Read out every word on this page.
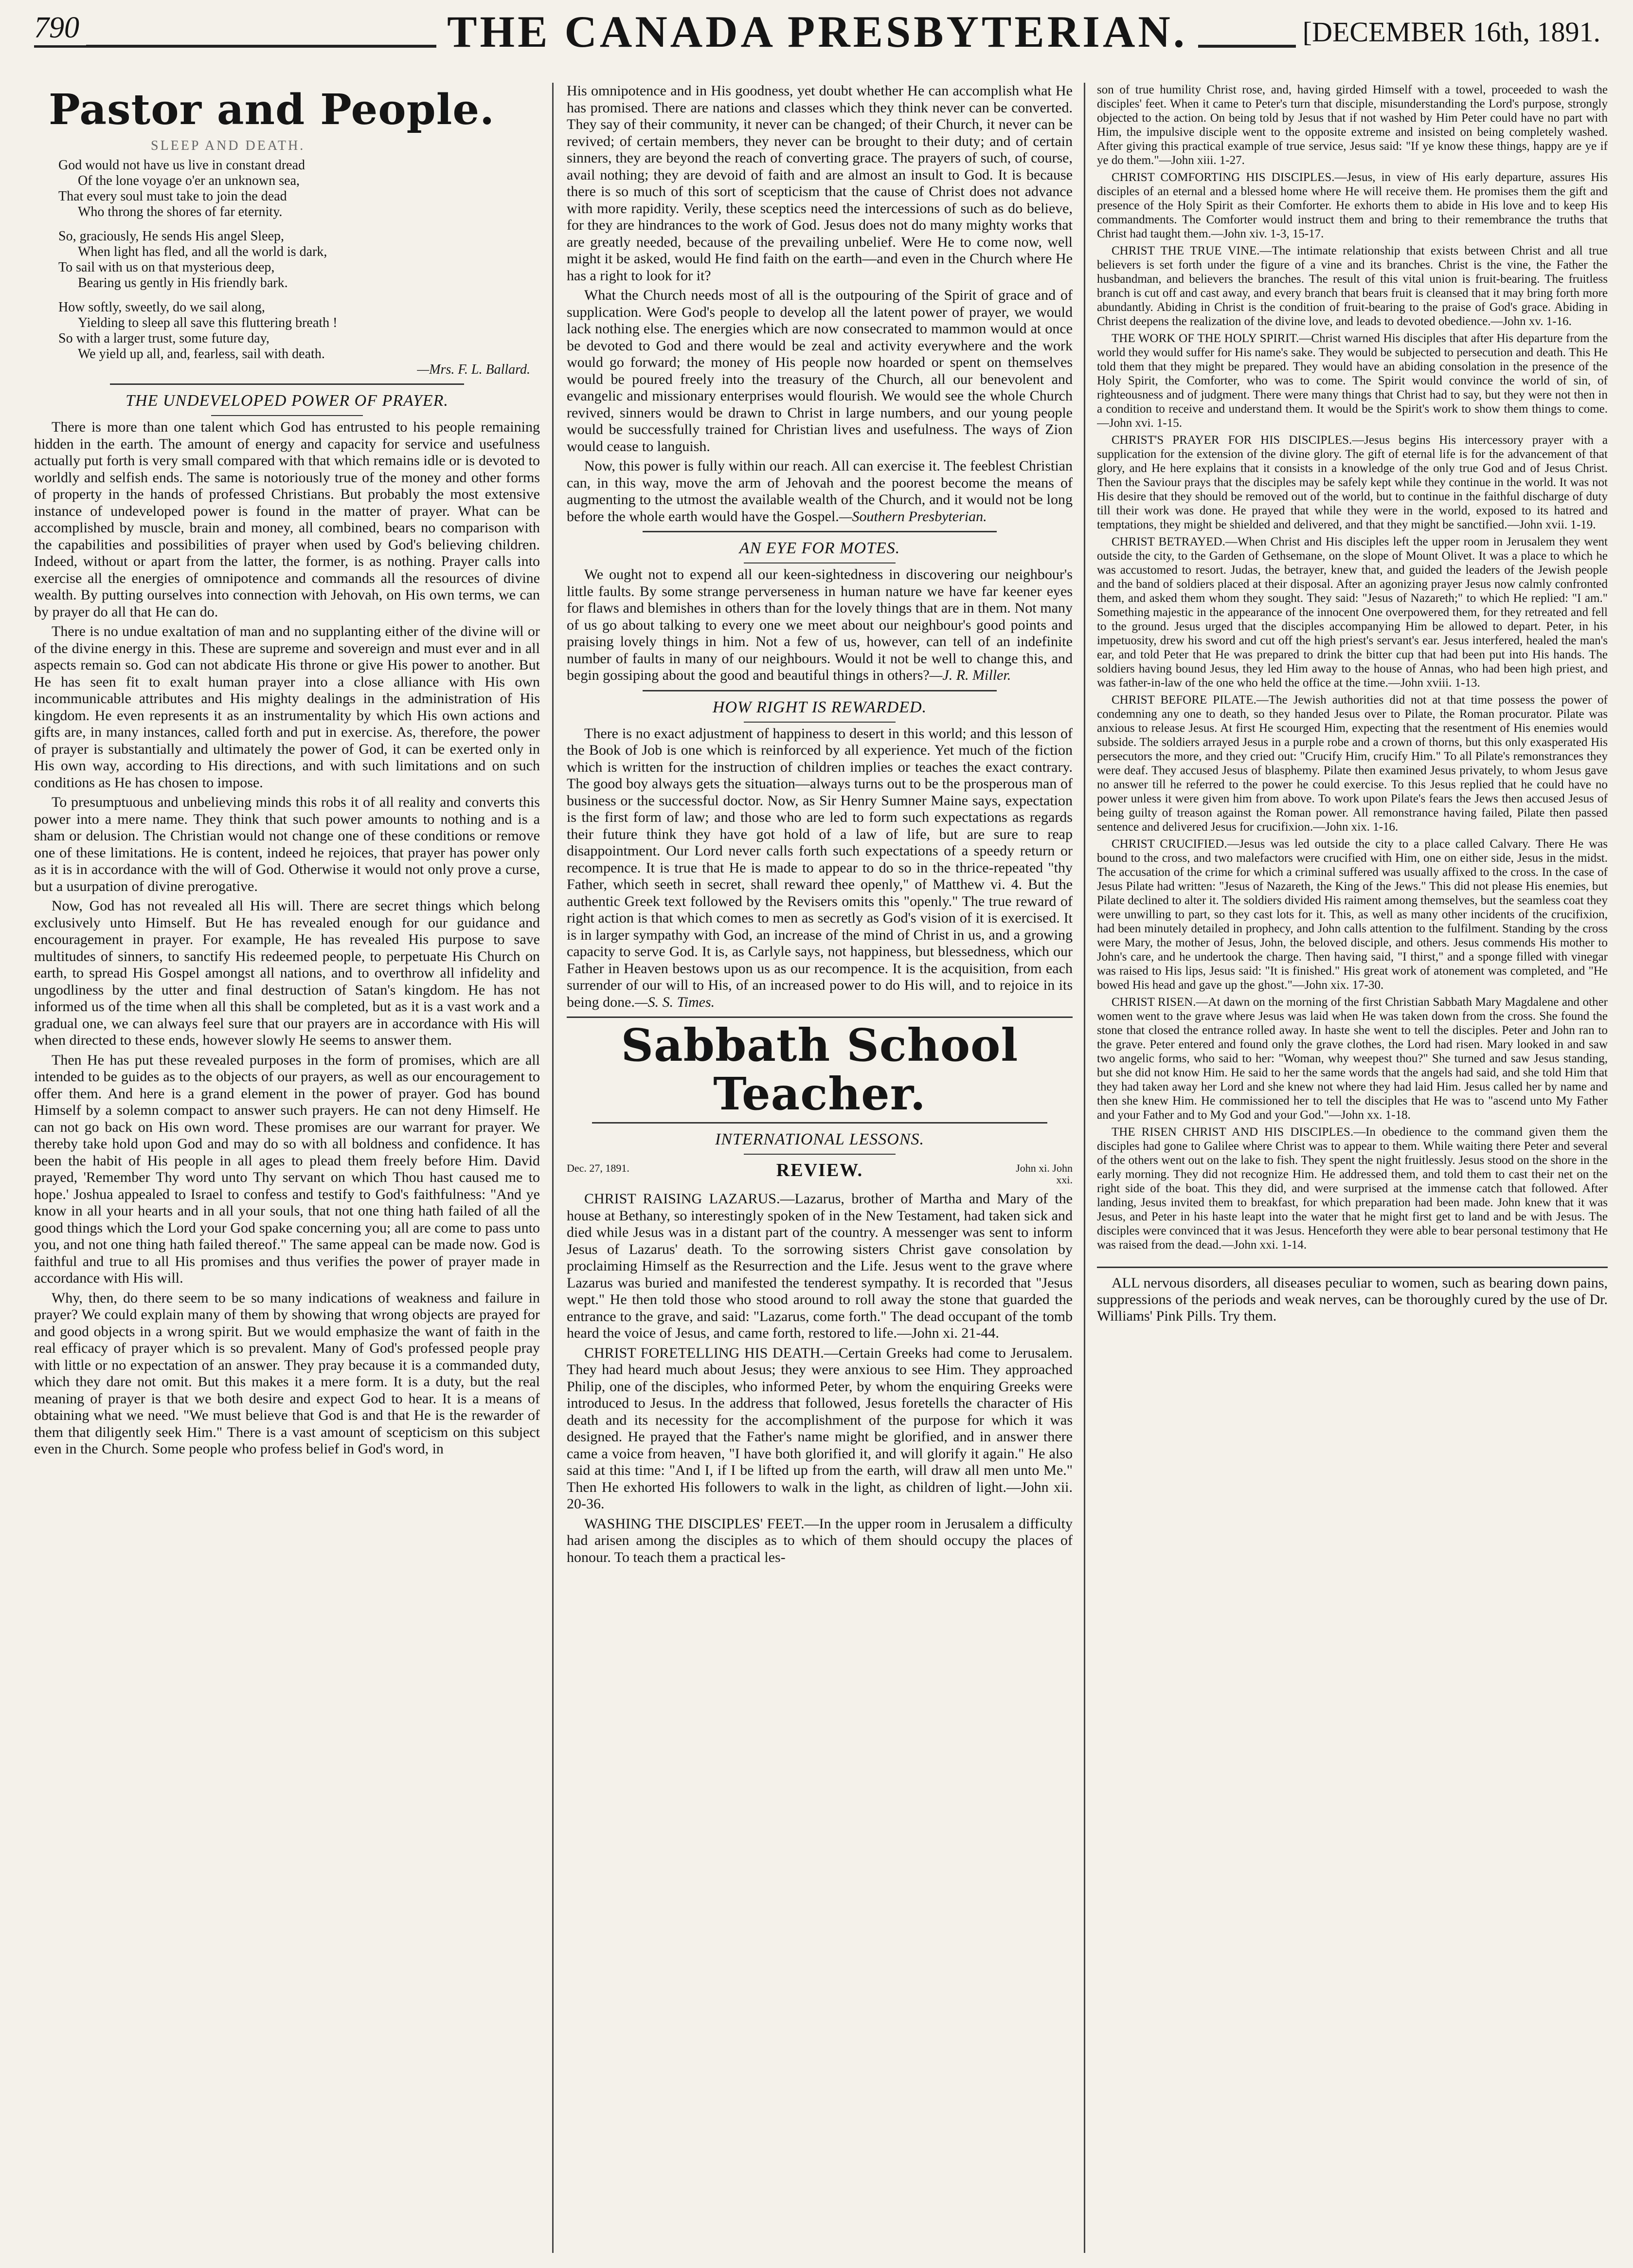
790	THE CANADA PRESBYTERIAN.	[DECEMBER 16th, 1891.
Pastor and People.
SLEEP AND DEATH.
God would not have us live in constant dread
Of the lone voyage o'er an unknown sea,
That every soul must take to join the dead
Who throng the shores of far eternity.
So, graciously, He sends His angel Sleep,
When light has fled, and all the world is dark,
To sail with us on that mysterious deep,
Bearing us gently in His friendly bark.
How softly, sweetly, do we sail along,
Yielding to sleep all save this fluttering breath !
So with a larger trust, some future day,
We yield up all, and, fearless, sail with death.
—Mrs. F. L. Ballard.
THE UNDEVELOPED POWER OF PRAYER.

There is more than one talent which God has entrusted to his people remaining hidden in the earth. The amount of energy and capacity for service and usefulness actually put forth is very small compared with that which remains idle or is devoted to worldly and selfish ends. The same is notoriously true of the money and other forms of property in the hands of professed Christians. But probably the most extensive instance of undeveloped power is found in the matter of prayer. What can be accomplished by muscle, brain and money, all combined, bears no comparison with the capabilities and possibilities of prayer when used by God's believing children. Indeed, without or apart from the latter, the former, is as nothing. Prayer calls into exercise all the energies of omnipotence and commands all the resources of divine wealth. By putting ourselves into connection with Jehovah, on His own terms, we can by prayer do all that He can do.

There is no undue exaltation of man and no supplanting either of the divine will or of the divine energy in this. These are supreme and sovereign and must ever and in all aspects remain so. God can not abdicate His throne or give His power to another. But He has seen fit to exalt human prayer into a close alliance with His own incommunicable attributes and His mighty dealings in the administration of His kingdom. He even represents it as an instrumentality by which His own actions and gifts are, in many instances, called forth and put in exercise. As, therefore, the power of prayer is substantially and ultimately the power of God, it can be exerted only in His own way, according to His directions, and with such limitations and on such conditions as He has chosen to impose.

To presumptuous and unbelieving minds this robs it of all reality and converts this power into a mere name. They think that such power amounts to nothing and is a sham or delusion. The Christian would not change one of these conditions or remove one of these limitations. He is content, indeed he rejoices, that prayer has power only as it is in accordance with the will of God. Otherwise it would not only prove a curse, but a usurpation of divine prerogative.

Now, God has not revealed all His will. There are secret things which belong exclusively unto Himself. But He has revealed enough for our guidance and encouragement in prayer. For example, He has revealed His purpose to save multitudes of sinners, to sanctify His redeemed people, to perpetuate His Church on earth, to spread His Gospel amongst all nations, and to overthrow all infidelity and ungodliness by the utter and final destruction of Satan's kingdom. He has not informed us of the time when all this shall be completed, but as it is a vast work and a gradual one, we can always feel sure that our prayers are in accordance with His will when directed to these ends, however slowly He seems to answer them.

Then He has put these revealed purposes in the form of promises, which are all intended to be guides as to the objects of our prayers, as well as our encouragement to offer them. And here is a grand element in the power of prayer. God has bound Himself by a solemn compact to answer such prayers. He can not deny Himself. He can not go back on His own word. These promises are our warrant for prayer. We thereby take hold upon God and may do so with all boldness and confidence. It has been the habit of His people in all ages to plead them freely before Him. David prayed, 'Remember Thy word unto Thy servant on which Thou hast caused me to hope.' Joshua appealed to Israel to confess and testify to God's faithfulness: "And ye know in all your hearts and in all your souls, that not one thing hath failed of all the good things which the Lord your God spake concerning you; all are come to pass unto you, and not one thing hath failed thereof." The same appeal can be made now. God is faithful and true to all His promises and thus verifies the power of prayer made in accordance with His will.

Why, then, do there seem to be so many indications of weakness and failure in prayer? We could explain many of them by showing that wrong objects are prayed for and good objects in a wrong spirit. But we would emphasize the want of faith in the real efficacy of prayer which is so prevalent. Many of God's professed people pray with little or no expectation of an answer. They pray because it is a commanded duty, which they dare not omit. But this makes it a mere form. It is a duty, but the real meaning of prayer is that we both desire and expect God to hear. It is a means of obtaining what we need. "We must believe that God is and that He is the rewarder of them that diligently seek Him." There is a vast amount of scepticism on this subject even in the Church. Some people who profess belief in God's word, in

His omnipotence and in His goodness, yet doubt whether He can accomplish what He has promised. There are nations and classes which they think never can be converted. They say of their community, it never can be changed; of their Church, it never can be revived; of certain members, they never can be brought to their duty; and of certain sinners, they are beyond the reach of converting grace. The prayers of such, of course, avail nothing; they are devoid of faith and are almost an insult to God. It is because there is so much of this sort of scepticism that the cause of Christ does not advance with more rapidity. Verily, these sceptics need the intercessions of such as do believe, for they are hindrances to the work of God. Jesus does not do many mighty works that are greatly needed, because of the prevailing unbelief. Were He to come now, well might it be asked, would He find faith on the earth—and even in the Church where He has a right to look for it?

What the Church needs most of all is the outpouring of the Spirit of grace and of supplication. Were God's people to develop all the latent power of prayer, we would lack nothing else. The energies which are now consecrated to mammon would at once be devoted to God and there would be zeal and activity everywhere and the work would go forward; the money of His people now hoarded or spent on themselves would be poured freely into the treasury of the Church, all our benevolent and evangelic and missionary enterprises would flourish. We would see the whole Church revived, sinners would be drawn to Christ in large numbers, and our young people would be successfully trained for Christian lives and usefulness. The ways of Zion would cease to languish.

Now, this power is fully within our reach. All can exercise it. The feeblest Christian can, in this way, move the arm of Jehovah and the poorest become the means of augmenting to the utmost the available wealth of the Church, and it would not be long before the whole earth would have the Gospel.—Southern Presbyterian.

AN EYE FOR MOTES.

We ought not to expend all our keen-sightedness in discovering our neighbour's little faults. By some strange perverseness in human nature we have far keener eyes for flaws and blemishes in others than for the lovely things that are in them. Not many of us go about talking to every one we meet about our neighbour's good points and praising lovely things in him. Not a few of us, however, can tell of an indefinite number of faults in many of our neighbours. Would it not be well to change this, and begin gossiping about the good and beautiful things in others?—J. R. Miller.

HOW RIGHT IS REWARDED.

There is no exact adjustment of happiness to desert in this world; and this lesson of the Book of Job is one which is reinforced by all experience. Yet much of the fiction which is written for the instruction of children implies or teaches the exact contrary. The good boy always gets the situation—always turns out to be the prosperous man of business or the successful doctor. Now, as Sir Henry Sumner Maine says, expectation is the first form of law; and those who are led to form such expectations as regards their future think they have got hold of a law of life, but are sure to reap disappointment. Our Lord never calls forth such expectations of a speedy return or recompence. It is true that He is made to appear to do so in the thrice-repeated "thy Father, which seeth in secret, shall reward thee openly," of Matthew vi. 4. But the authentic Greek text followed by the Revisers omits this "openly." The true reward of right action is that which comes to men as secretly as God's vision of it is exercised. It is in larger sympathy with God, an increase of the mind of Christ in us, and a growing capacity to serve God. It is, as Carlyle says, not happiness, but blessedness, which our Father in Heaven bestows upon us as our recompence. It is the acquisition, from each surrender of our will to His, of an increased power to do His will, and to rejoice in its being done.—S. S. Times.

Sabbath School Teacher.
INTERNATIONAL LESSONS.
Dec. 27, 1891.	REVIEW.	John xi. John xxi.

CHRIST RAISING LAZARUS.—Lazarus, brother of Martha and Mary of the house at Bethany, so interestingly spoken of in the New Testament, had taken sick and died while Jesus was in a distant part of the country. A messenger was sent to inform Jesus of Lazarus' death. To the sorrowing sisters Christ gave consolation by proclaiming Himself as the Resurrection and the Life. Jesus went to the grave where Lazarus was buried and manifested the tenderest sympathy. It is recorded that "Jesus wept." He then told those who stood around to roll away the stone that guarded the entrance to the grave, and said: "Lazarus, come forth." The dead occupant of the tomb heard the voice of Jesus, and came forth, restored to life.—John xi. 21-44.

CHRIST FORETELLING HIS DEATH.—Certain Greeks had come to Jerusalem. They had heard much about Jesus; they were anxious to see Him. They approached Philip, one of the disciples, who informed Peter, by whom the enquiring Greeks were introduced to Jesus. In the address that followed, Jesus foretells the character of His death and its necessity for the accomplishment of the purpose for which it was designed. He prayed that the Father's name might be glorified, and in answer there came a voice from heaven, "I have both glorified it, and will glorify it again." He also said at this time: "And I, if I be lifted up from the earth, will draw all men unto Me." Then He exhorted His followers to walk in the light, as children of light.—John xii. 20-36.

WASHING THE DISCIPLES' FEET.—In the upper room in Jerusalem a difficulty had arisen among the disciples as to which of them should occupy the places of honour. To teach them a practical les-

son of true humility Christ rose, and, having girded Himself with a towel, proceeded to wash the disciples' feet. When it came to Peter's turn that disciple, misunderstanding the Lord's purpose, strongly objected to the action. On being told by Jesus that if not washed by Him Peter could have no part with Him, the impulsive disciple went to the opposite extreme and insisted on being completely washed. After giving this practical example of true service, Jesus said: "If ye know these things, happy are ye if ye do them."—John xiii. 1-27.

CHRIST COMFORTING HIS DISCIPLES.—Jesus, in view of His early departure, assures His disciples of an eternal and a blessed home where He will receive them. He promises them the gift and presence of the Holy Spirit as their Comforter. He exhorts them to abide in His love and to keep His commandments. The Comforter would instruct them and bring to their remembrance the truths that Christ had taught them.—John xiv. 1-3, 15-17.

CHRIST THE TRUE VINE.—The intimate relationship that exists between Christ and all true believers is set forth under the figure of a vine and its branches. Christ is the vine, the Father the husbandman, and believers the branches. The result of this vital union is fruit-bearing. The fruitless branch is cut off and cast away, and every branch that bears fruit is cleansed that it may bring forth more abundantly. Abiding in Christ is the condition of fruit-bearing to the praise of God's grace. Abiding in Christ deepens the realization of the divine love, and leads to devoted obedience.—John xv. 1-16.

THE WORK OF THE HOLY SPIRIT.—Christ warned His disciples that after His departure from the world they would suffer for His name's sake. They would be subjected to persecution and death. This He told them that they might be prepared. They would have an abiding consolation in the presence of the Holy Spirit, the Comforter, who was to come. The Spirit would convince the world of sin, of righteousness and of judgment. There were many things that Christ had to say, but they were not then in a condition to receive and understand them. It would be the Spirit's work to show them things to come.—John xvi. 1-15.

CHRIST'S PRAYER FOR HIS DISCIPLES.—Jesus begins His intercessory prayer with a supplication for the extension of the divine glory. The gift of eternal life is for the advancement of that glory, and He here explains that it consists in a knowledge of the only true God and of Jesus Christ. Then the Saviour prays that the disciples may be safely kept while they continue in the world. It was not His desire that they should be removed out of the world, but to continue in the faithful discharge of duty till their work was done. He prayed that while they were in the world, exposed to its hatred and temptations, they might be shielded and delivered, and that they might be sanctified.—John xvii. 1-19.

CHRIST BETRAYED.—When Christ and His disciples left the upper room in Jerusalem they went outside the city, to the Garden of Gethsemane, on the slope of Mount Olivet. It was a place to which he was accustomed to resort. Judas, the betrayer, knew that, and guided the leaders of the Jewish people and the band of soldiers placed at their disposal. After an agonizing prayer Jesus now calmly confronted them, and asked them whom they sought. They said: "Jesus of Nazareth;" to which He replied: "I am." Something majestic in the appearance of the innocent One overpowered them, for they retreated and fell to the ground. Jesus urged that the disciples accompanying Him be allowed to depart. Peter, in his impetuosity, drew his sword and cut off the high priest's servant's ear. Jesus interfered, healed the man's ear, and told Peter that He was prepared to drink the bitter cup that had been put into His hands. The soldiers having bound Jesus, they led Him away to the house of Annas, who had been high priest, and was father-in-law of the one who held the office at the time.—John xviii. 1-13.

CHRIST BEFORE PILATE.—The Jewish authorities did not at that time possess the power of condemning any one to death, so they handed Jesus over to Pilate, the Roman procurator. Pilate was anxious to release Jesus. At first He scourged Him, expecting that the resentment of His enemies would subside. The soldiers arrayed Jesus in a purple robe and a crown of thorns, but this only exasperated His persecutors the more, and they cried out: "Crucify Him, crucify Him." To all Pilate's remonstrances they were deaf. They accused Jesus of blasphemy. Pilate then examined Jesus privately, to whom Jesus gave no answer till he referred to the power he could exercise. To this Jesus replied that he could have no power unless it were given him from above. To work upon Pilate's fears the Jews then accused Jesus of being guilty of treason against the Roman power. All remonstrance having failed, Pilate then passed sentence and delivered Jesus for crucifixion.—John xix. 1-16.

CHRIST CRUCIFIED.—Jesus was led outside the city to a place called Calvary. There He was bound to the cross, and two malefactors were crucified with Him, one on either side, Jesus in the midst. The accusation of the crime for which a criminal suffered was usually affixed to the cross. In the case of Jesus Pilate had written: "Jesus of Nazareth, the King of the Jews." This did not please His enemies, but Pilate declined to alter it. The soldiers divided His raiment among themselves, but the seamless coat they were unwilling to part, so they cast lots for it. This, as well as many other incidents of the crucifixion, had been minutely detailed in prophecy, and John calls attention to the fulfilment. Standing by the cross were Mary, the mother of Jesus, John, the beloved disciple, and others. Jesus commends His mother to John's care, and he undertook the charge. Then having said, "I thirst," and a sponge filled with vinegar was raised to His lips, Jesus said: "It is finished." His great work of atonement was completed, and "He bowed His head and gave up the ghost."—John xix. 17-30.

CHRIST RISEN.—At dawn on the morning of the first Christian Sabbath Mary Magdalene and other women went to the grave where Jesus was laid when He was taken down from the cross. She found the stone that closed the entrance rolled away. In haste she went to tell the disciples. Peter and John ran to the grave. Peter entered and found only the grave clothes, the Lord had risen. Mary looked in and saw two angelic forms, who said to her: "Woman, why weepest thou?" She turned and saw Jesus standing, but she did not know Him. He said to her the same words that the angels had said, and she told Him that they had taken away her Lord and she knew not where they had laid Him. Jesus called her by name and then she knew Him. He commissioned her to tell the disciples that He was to "ascend unto My Father and your Father and to My God and your God."—John xx. 1-18.

THE RISEN CHRIST AND HIS DISCIPLES.—In obedience to the command given them the disciples had gone to Galilee where Christ was to appear to them. While waiting there Peter and several of the others went out on the lake to fish. They spent the night fruitlessly. Jesus stood on the shore in the early morning. They did not recognize Him. He addressed them, and told them to cast their net on the right side of the boat. This they did, and were surprised at the immense catch that followed. After landing, Jesus invited them to breakfast, for which preparation had been made. John knew that it was Jesus, and Peter in his haste leapt into the water that he might first get to land and be with Jesus. The disciples were convinced that it was Jesus. Henceforth they were able to bear personal testimony that He was raised from the dead.—John xxi. 1-14.

ALL nervous disorders, all diseases peculiar to women, such as bearing down pains, suppressions of the periods and weak nerves, can be thoroughly cured by the use of Dr. Williams' Pink Pills. Try them.
